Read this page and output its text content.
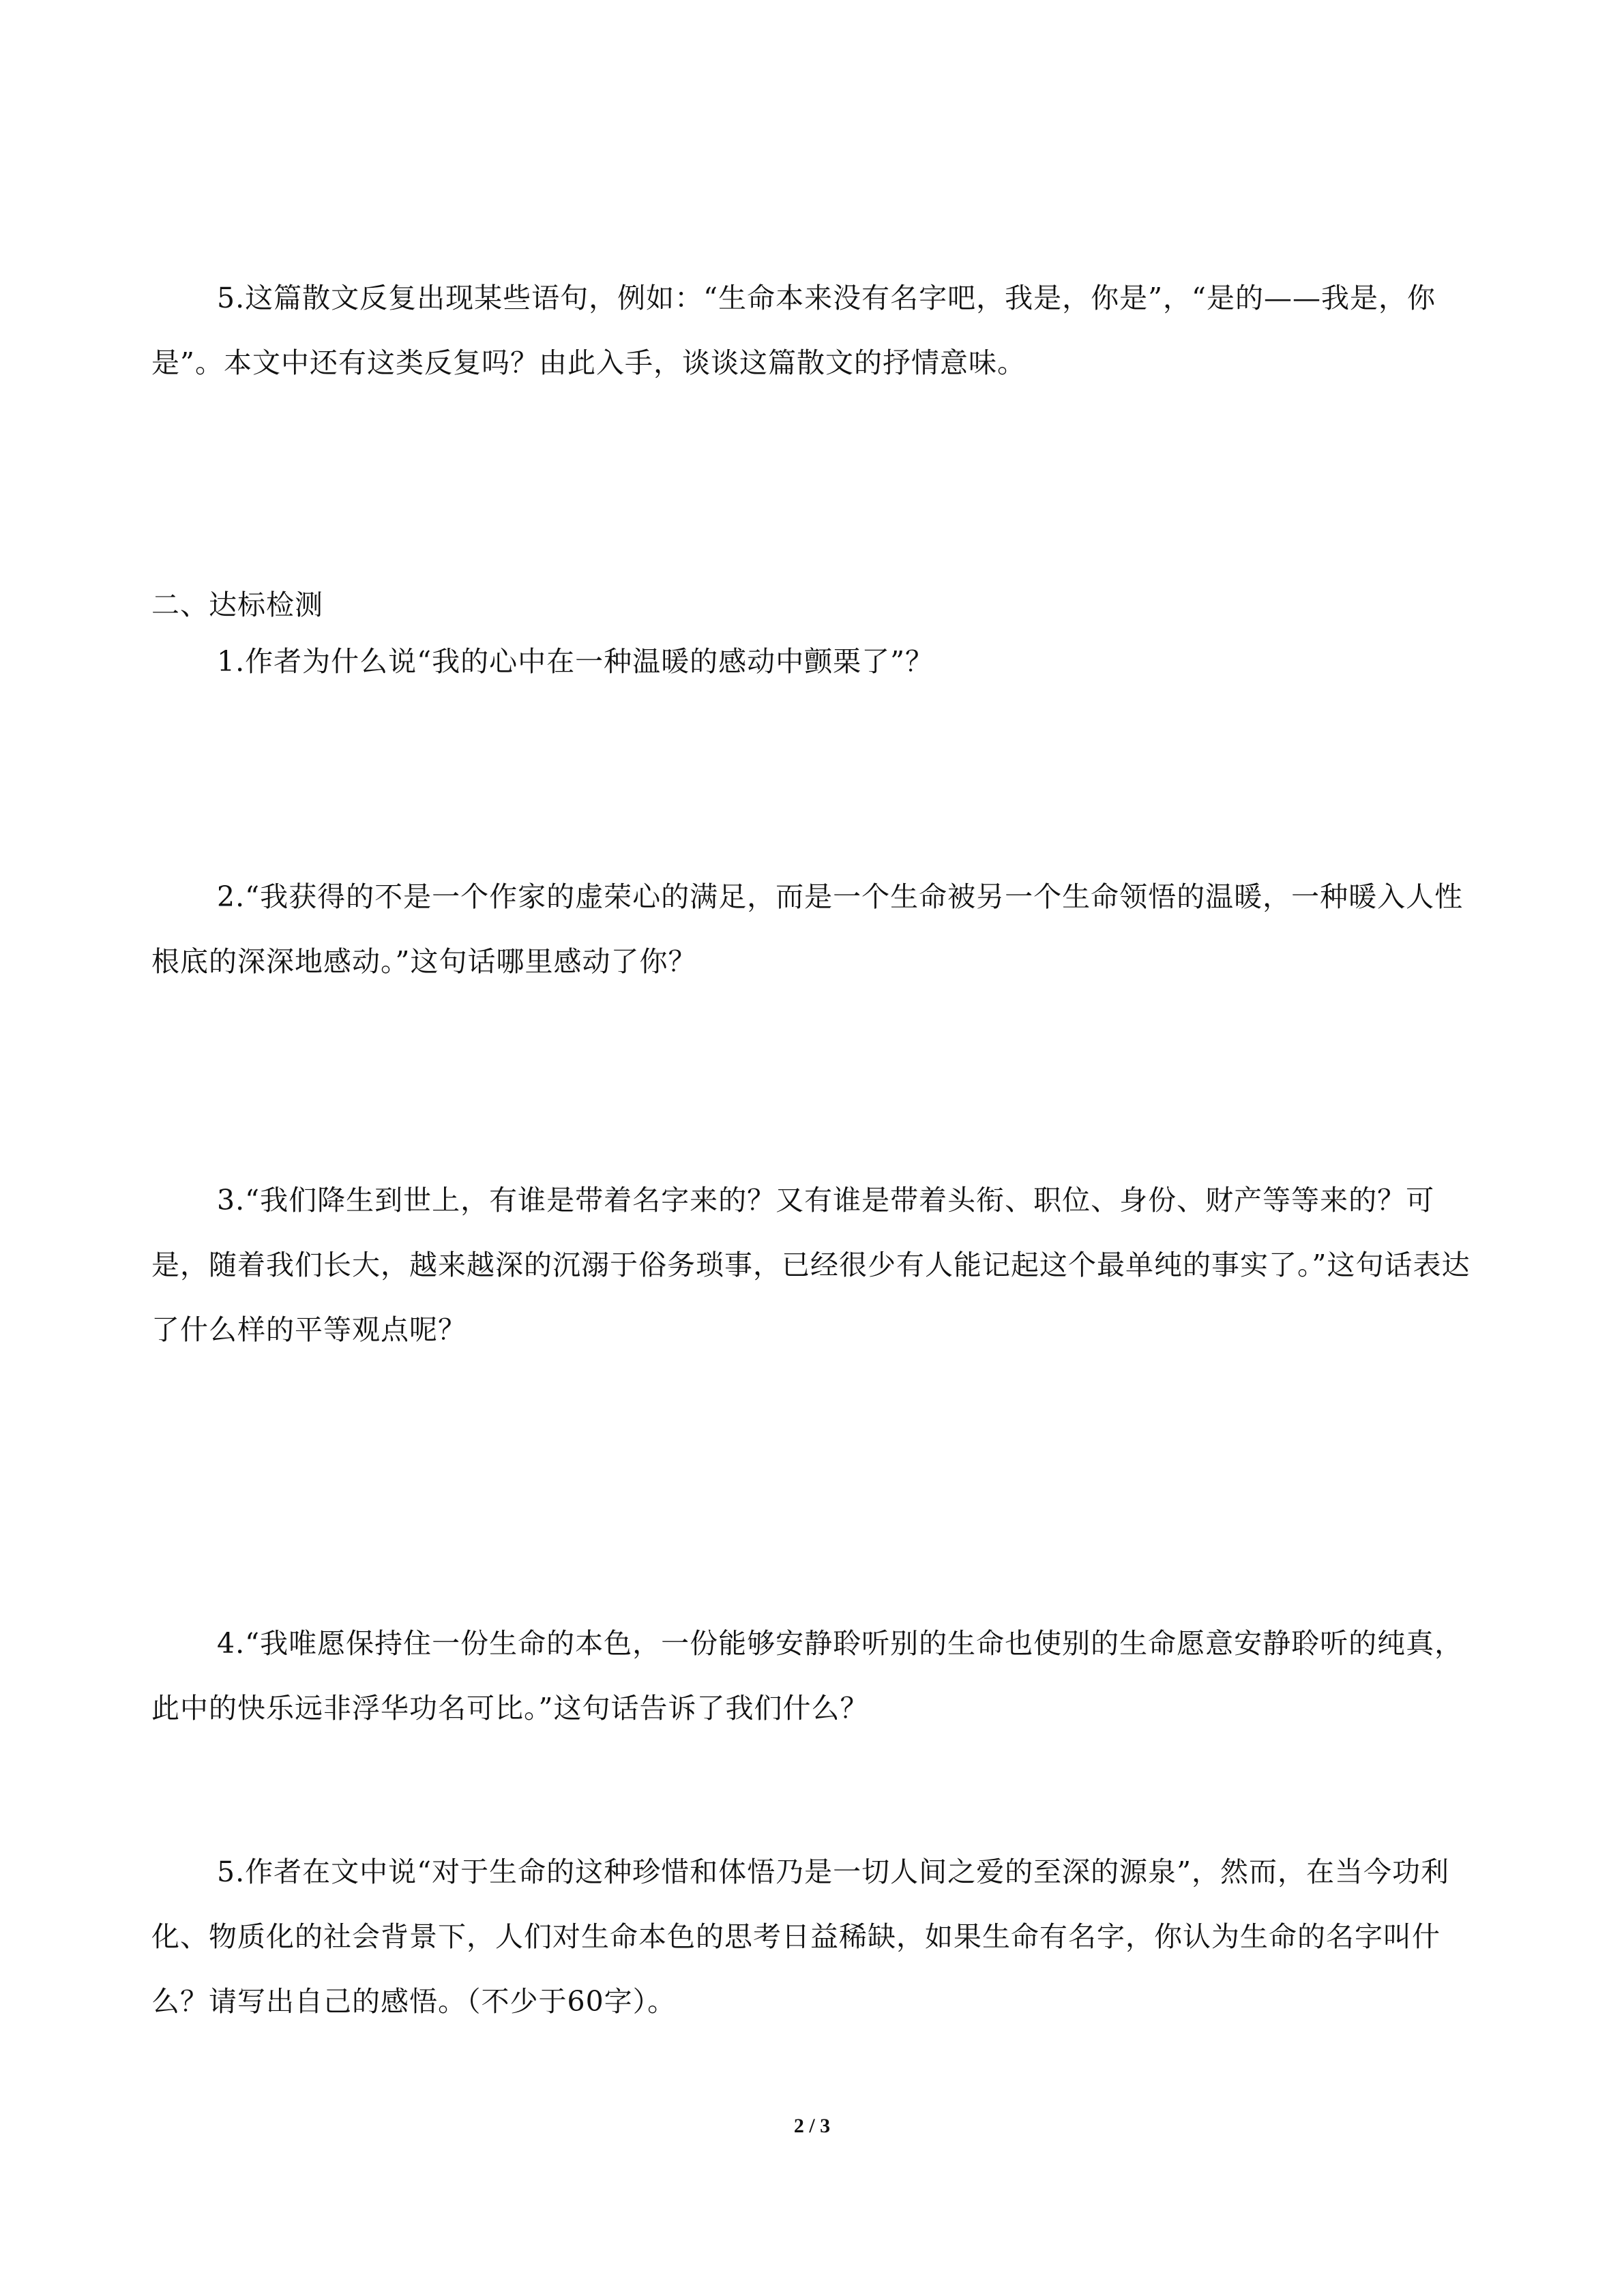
5.这篇散文反复出现某些语句，例如：“生命本来没有名字吧，我是，你是”，“是的——我是，你是”。本文中还有这类反复吗？由此入手，谈谈这篇散文的抒情意味。

二、达标检测

1.作者为什么说“我的心中在一种温暖的感动中颤栗了”？

2.“我获得的不是一个作家的虚荣心的满足，而是一个生命被另一个生命领悟的温暖，一种暖入人性根底的深深地感动。”这句话哪里感动了你？

3.“我们降生到世上，有谁是带着名字来的？又有谁是带着头衔、职位、身份、财产等等来的？可是，随着我们长大，越来越深的沉溺于俗务琐事，已经很少有人能记起这个最单纯的事实了。”这句话表达了什么样的平等观点呢？

4.“我唯愿保持住一份生命的本色，一份能够安静聆听别的生命也使别的生命愿意安静聆听的纯真，此中的快乐远非浮华功名可比。”这句话告诉了我们什么？

5.作者在文中说“对于生命的这种珍惜和体悟乃是一切人间之爱的至深的源泉”，然而，在当今功利化、物质化的社会背景下，人们对生命本色的思考日益稀缺，如果生命有名字，你认为生命的名字叫什么？请写出自己的感悟。（不少于60字）。

2 / 3
